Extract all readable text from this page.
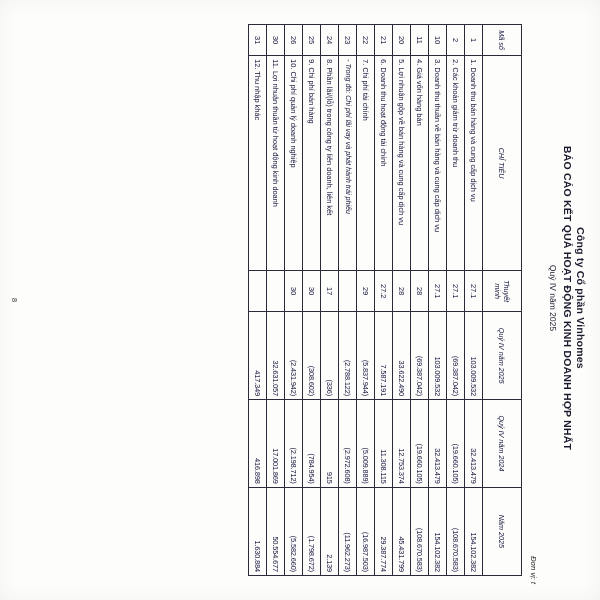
Công ty Cổ phần Vinhomes
BÁO CÁO KẾT QUẢ HOẠT ĐỘNG KINH DOANH HỢP NHẤT
Quý IV năm 2025
Đơn vị: t
Mã số	CHỈ TIÊU	Thuyết minh	Quý IV năm 2025	Quý IV năm 2024	Năm 2025
1	1. Doanh thu bán hàng và cung cấp dịch vụ	27.1	103.009.532	32.413.479	154.102.382
2	2. Các khoản giảm trừ doanh thu	27.1	(69.387.042)	(19.660.105)	(108.670.583)
10	3. Doanh thu thuần về bán hàng và cung cấp dịch vụ	27.1	103.009.532	32.413.479	154.102.382
11	4. Giá vốn hàng bán	28	(69.387.042)	(19.660.105)	(108.670.583)
20	5. Lợi nhuận gộp về bán hàng và cung cấp dịch vụ	28	33.622.490	12.753.374	45.431.799
21	6. Doanh thu hoạt động tài chính	27.2	7.587.191	11.308.115	29.387.774
22	7. Chi phí tài chính	29	(5.837.944)	(5.009.889)	(16.987.503)
23	- Trong đó: Chi phí lãi vay và phát hành trái phiếu		(2.788.122)	(2.972.608)	(11.962.273)
24	8. Phần lãi/(lỗ) trong công ty liên doanh, liên kết	17	(336)	915	2.139
25	9. Chi phí bán hàng	30	(308.602)	(784.954)	(1.798.672)
26	10. Chi phí quản lý doanh nghiệp	30	(2.431.942)	(2.198.712)	(5.582.660)
30	11. Lợi nhuận thuần từ hoạt động kinh doanh		32.631.057	17.001.869	50.554.677
31	12. Thu nhập khác		417.349	416.898	1.630.884
8
